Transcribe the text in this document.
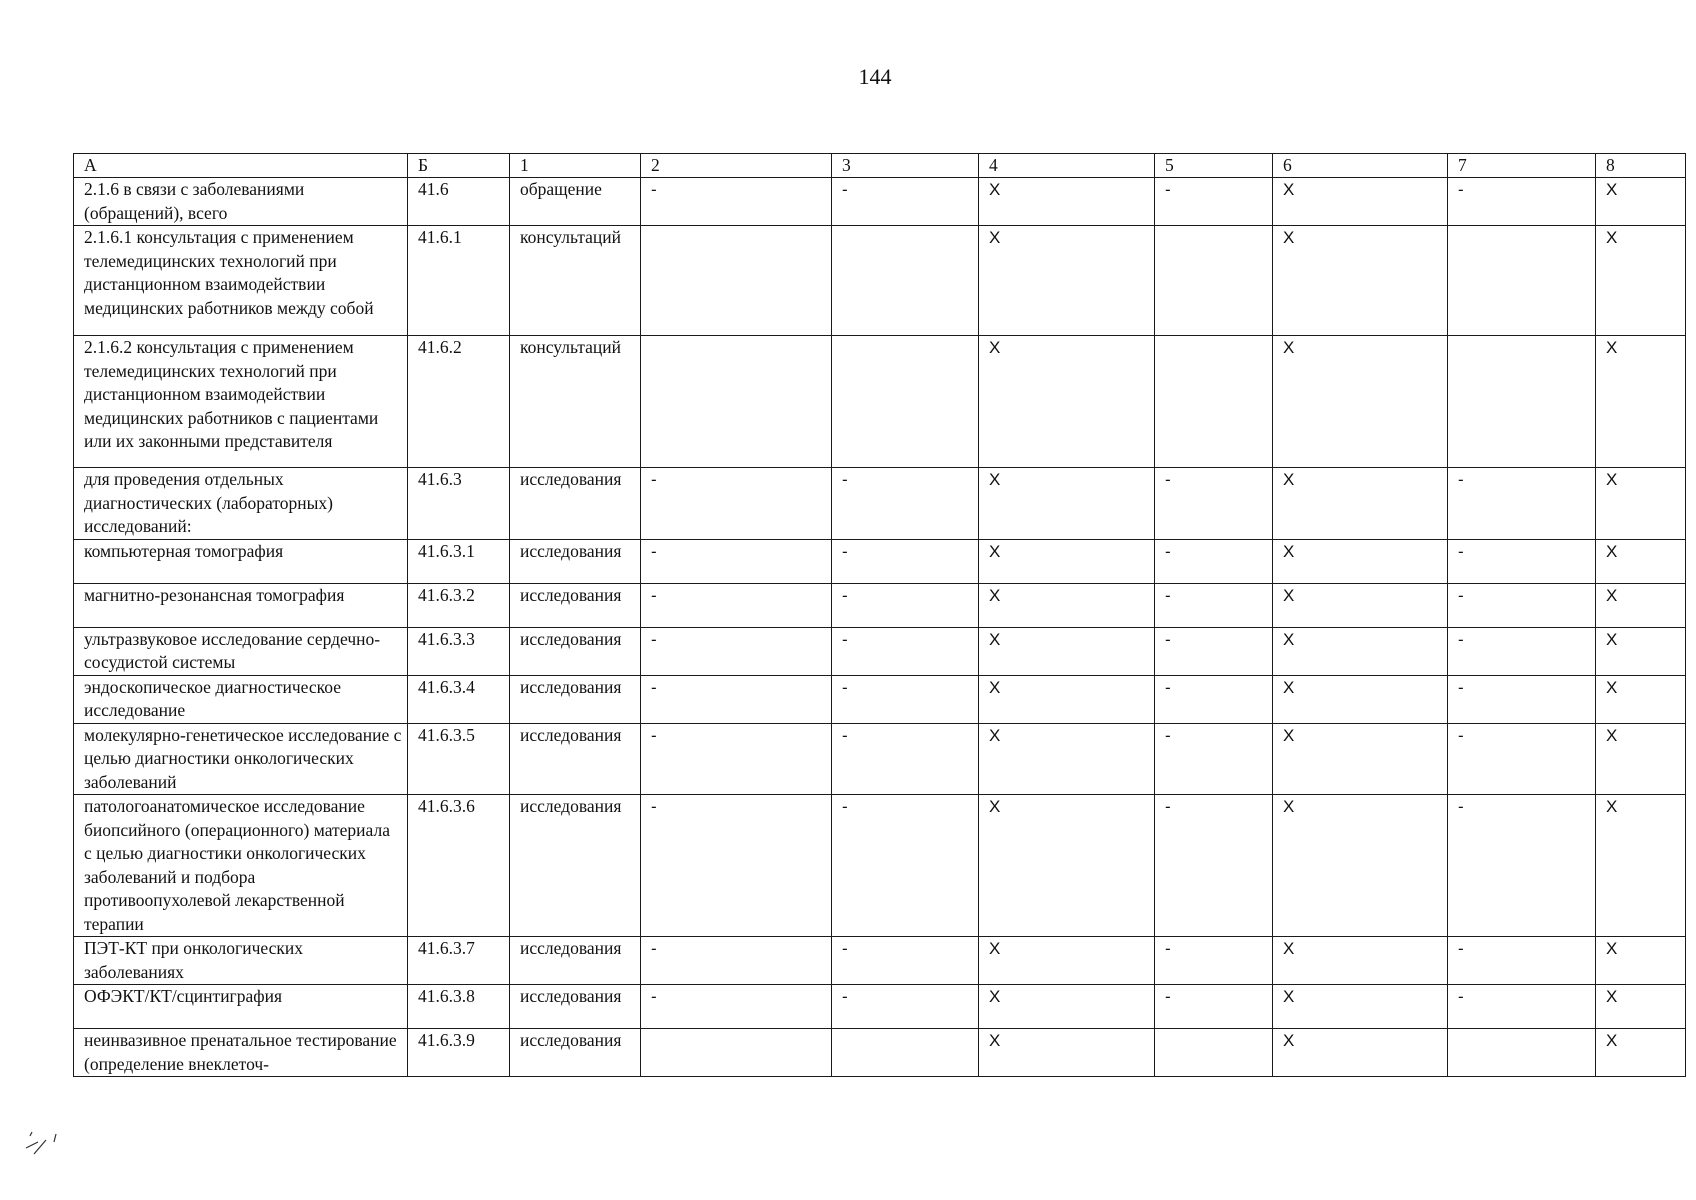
144
А	Б	1	2	3	4	5	6	7	8
2.1.6 в связи с заболеваниями (обращений), всего	41.6	обращение	-	-	X	-	X	-	X
2.1.6.1 консультация с применением телемедицинских технологий при дистанционном взаимодействии медицинских работников между собой	41.6.1	консультаций			X		X		X
2.1.6.2 консультация с применением телемедицинских технологий при дистанционном взаимодействии медицинских работников с пациентами или их законными представителя	41.6.2	консультаций			X		X		X
для проведения отдельных диагностических (лабораторных) исследований:	41.6.3	исследования	-	-	X	-	X	-	X
компьютерная томография	41.6.3.1	исследования	-	-	X	-	X	-	X
магнитно-резонансная томография	41.6.3.2	исследования	-	-	X	-	X	-	X
ультразвуковое исследование сердечно-сосудистой системы	41.6.3.3	исследования	-	-	X	-	X	-	X
эндоскопическое диагностическое исследование	41.6.3.4	исследования	-	-	X	-	X	-	X
молекулярно-генетическое исследование с целью диагностики онкологических заболеваний	41.6.3.5	исследования	-	-	X	-	X	-	X
патологоанатомическое исследование биопсийного (операционного) материала с целью диагностики онкологических заболеваний и подбора противоопухолевой лекарственной терапии	41.6.3.6	исследования	-	-	X	-	X	-	X
ПЭТ-КТ при онкологических заболеваниях	41.6.3.7	исследования	-	-	X	-	X	-	X
ОФЭКТ/КТ/сцинтиграфия	41.6.3.8	исследования	-	-	X	-	X	-	X
неинвазивное пренатальное тестирование (определение внеклеточ-	41.6.3.9	исследования			X		X		X
